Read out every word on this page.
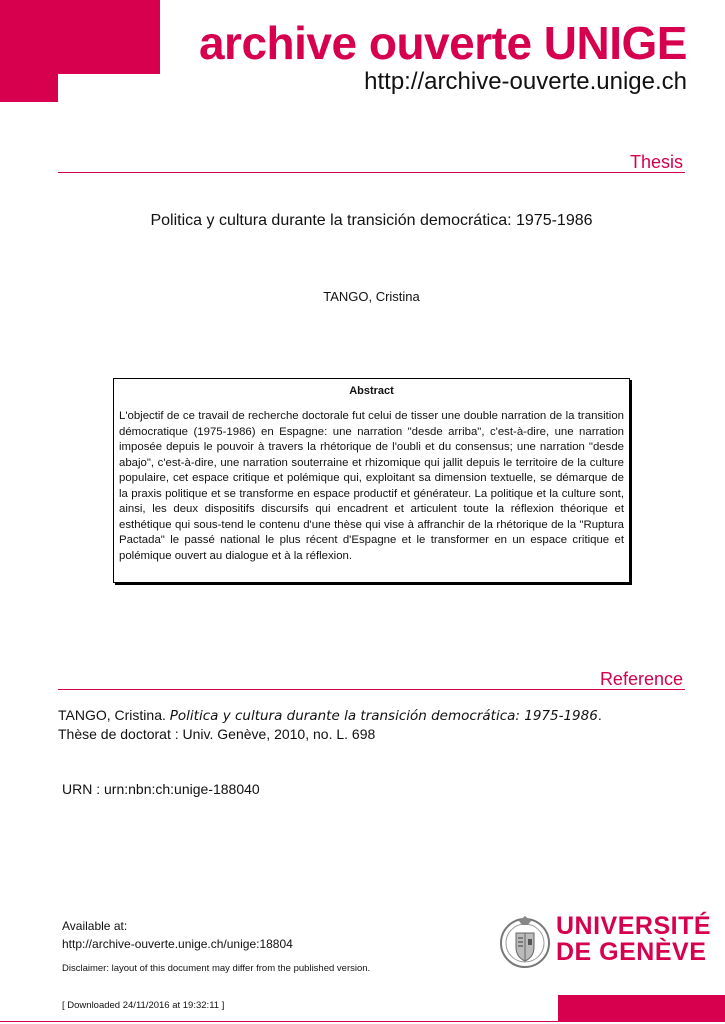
archive ouverte UNIGE
http://archive-ouverte.unige.ch
Thesis
Politica y cultura durante la transición democrática: 1975-1986
TANGO, Cristina
Abstract

L'objectif de ce travail de recherche doctorale fut celui de tisser une double narration de la transition démocratique (1975-1986) en Espagne: une narration "desde arriba", c'est-à-dire, une narration imposée depuis le pouvoir à travers la rhétorique de l'oubli et du consensus; une narration "desde abajo", c'est-à-dire, une narration souterraine et rhizomique qui jallit depuis le territoire de la culture populaire, cet espace critique et polémique qui, exploitant sa dimension textuelle, se démarque de la praxis politique et se transforme en espace productif et générateur. La politique et la culture sont, ainsi, les deux dispositifs discursifs qui encadrent et articulent toute la réflexion théorique et esthétique qui sous-tend le contenu d'une thèse qui vise à affranchir de la rhétorique de la "Ruptura Pactada" le passé national le plus récent d'Espagne et le transformer en un espace critique et polémique ouvert au dialogue et à la réflexion.

Reference
TANGO, Cristina. Politica y cultura durante la transición democrática: 1975-1986.
Thèse de doctorat : Univ. Genève, 2010, no. L. 698
URN : urn:nbn:ch:unige-188040
Available at:
http://archive-ouverte.unige.ch/unige:18804
Disclaimer: layout of this document may differ from the published version.
[ Downloaded 24/11/2016 at 19:32:11 ]
UNIVERSITÉ
DE GENÈVE
